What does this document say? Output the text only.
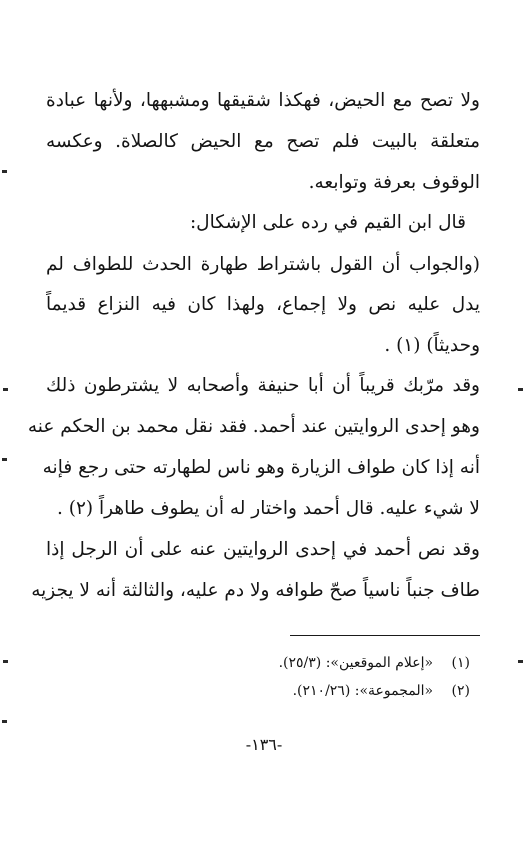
ولا تصح مع الحيض، فهكذا شقيقها ومشبهها، ولأنها عبادة
متعلقة بالبيت فلم تصح مع الحيض كالصلاة. وعكسه
الوقوف بعرفة وتوابعه.
قال ابن القيم في رده على الإشكال:
(والجواب أن القول باشتراط طهارة الحدث للطواف لم
يدل عليه نص ولا إجماع، ولهذا كان فيه النزاع قديماً
وحديثاً) (١) .
وقد مرّبك قريباً أن أبا حنيفة وأصحابه لا يشترطون ذلك
وهو إحدى الروايتين عند أحمد. فقد نقل محمد بن الحكم عنه
أنه إذا كان طواف الزيارة وهو ناس لطهارته حتى رجع فإنه
لا شيء عليه. قال أحمد واختار له أن يطوف طاهراً (٢) .
وقد نص أحمد في إحدى الروايتين عنه على أن الرجل إذا
طاف جنباً ناسياً صحّ طوافه ولا دم عليه، والثالثة أنه لا يجزيه
(١) «إعلام الموقعين»: (٢٥/٣).
(٢) «المجموعة»: (٢١٠/٢٦).
-١٣٦-
